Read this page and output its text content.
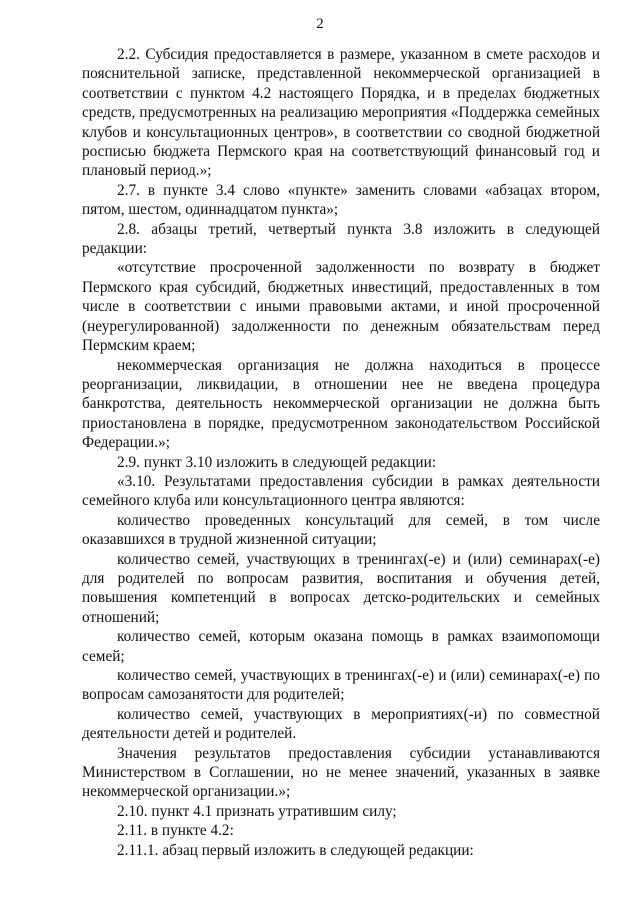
2

2.2. Субсидия предоставляется в размере, указанном в смете расходов и пояснительной записке, представленной некоммерческой организацией в соответствии с пунктом 4.2 настоящего Порядка, и в пределах бюджетных средств, предусмотренных на реализацию мероприятия «Поддержка семейных клубов и консультационных центров», в соответствии со сводной бюджетной росписью бюджета Пермского края на соответствующий финансовый год и плановый период.»;

2.7. в пункте 3.4 слово «пункте» заменить словами «абзацах втором, пятом, шестом, одиннадцатом пункта»;

2.8. абзацы третий, четвертый пункта 3.8 изложить в следующей редакции:

«отсутствие просроченной задолженности по возврату в бюджет Пермского края субсидий, бюджетных инвестиций, предоставленных в том числе в соответствии с иными правовыми актами, и иной просроченной (неурегулированной) задолженности по денежным обязательствам перед Пермским краем;

некоммерческая организация не должна находиться в процессе реорганизации, ликвидации, в отношении нее не введена процедура банкротства, деятельность некоммерческой организации не должна быть приостановлена в порядке, предусмотренном законодательством Российской Федерации.»;

2.9. пункт 3.10 изложить в следующей редакции:

«3.10. Результатами предоставления субсидии в рамках деятельности семейного клуба или консультационного центра являются:

количество проведенных консультаций для семей, в том числе оказавшихся в трудной жизненной ситуации;

количество семей, участвующих в тренингах(-е) и (или) семинарах(-е) для родителей по вопросам развития, воспитания и обучения детей, повышения компетенций в вопросах детско-родительских и семейных отношений;

количество семей, которым оказана помощь в рамках взаимопомощи семей;

количество семей, участвующих в тренингах(-е) и (или) семинарах(-е) по вопросам самозанятости для родителей;

количество семей, участвующих в мероприятиях(-и) по совместной деятельности детей и родителей.

Значения результатов предоставления субсидии устанавливаются Министерством в Соглашении, но не менее значений, указанных в заявке некоммерческой организации.»;

2.10. пункт 4.1 признать утратившим силу;

2.11. в пункте 4.2:

2.11.1. абзац первый изложить в следующей редакции:
